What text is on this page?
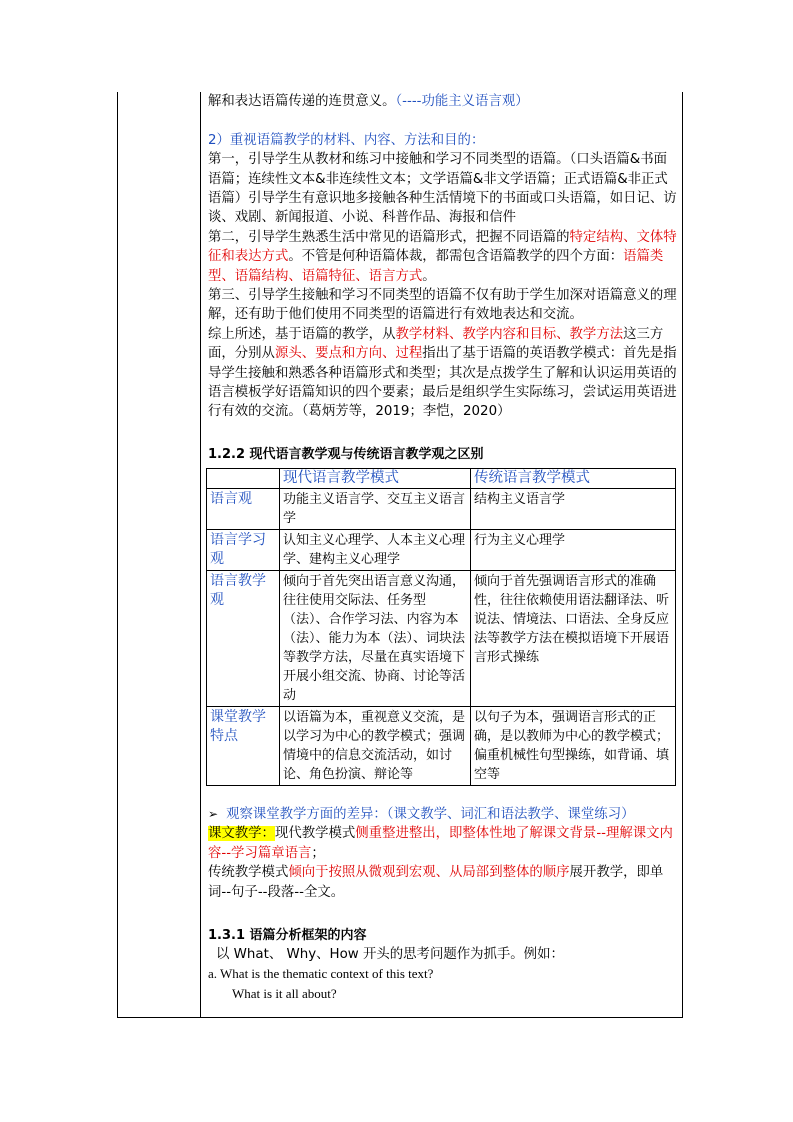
解和表达语篇传递的连贯意义。（----功能主义语言观）

2）重视语篇教学的材料、内容、方法和目的：

第一，引导学生从教材和练习中接触和学习不同类型的语篇。（口头语篇&书面语篇；连续性文本&非连续性文本；文学语篇&非文学语篇；正式语篇&非正式语篇）引导学生有意识地多接触各种生活情境下的书面或口头语篇，如日记、访谈、戏剧、新闻报道、小说、科普作品、海报和信件

第二，引导学生熟悉生活中常见的语篇形式，把握不同语篇的特定结构、文体特征和表达方式。不管是何种语篇体裁，都需包含语篇教学的四个方面：语篇类型、语篇结构、语篇特征、语言方式。

第三、引导学生接触和学习不同类型的语篇不仅有助于学生加深对语篇意义的理解，还有助于他们使用不同类型的语篇进行有效地表达和交流。

综上所述，基于语篇的教学，从教学材料、教学内容和目标、教学方法这三方面，分别从源头、要点和方向、过程指出了基于语篇的英语教学模式：首先是指导学生接触和熟悉各种语篇形式和类型；其次是点拨学生了解和认识运用英语的语言模板学好语篇知识的四个要素；最后是组织学生实际练习，尝试运用英语进行有效的交流。（葛炳芳等，2019；李恺，2020）

1.2.2 现代语言教学观与传统语言教学观之区别

	现代语言教学模式	传统语言教学模式
语言观	功能主义语言学、交互主义语言学	结构主义语言学
语言学习观	认知主义心理学、人本主义心理学、建构主义心理学	行为主义心理学
语言教学观	倾向于首先突出语言意义沟通，往往使用交际法、任务型（法）、合作学习法、内容为本（法）、能力为本（法）、词块法等教学方法，尽量在真实语境下开展小组交流、协商、讨论等活动	倾向于首先强调语言形式的准确性，往往依赖使用语法翻译法、听说法、情境法、口语法、全身反应法等教学方法在模拟语境下开展语言形式操练
课堂教学特点	以语篇为本，重视意义交流，是以学习为中心的教学模式；强调情境中的信息交流活动，如讨论、角色扮演、辩论等	以句子为本，强调语言形式的正确，是以教师为中心的教学模式；偏重机械性句型操练，如背诵、填空等

➢ 观察课堂教学方面的差异：（课文教学、词汇和语法教学、课堂练习）

课文教学：现代教学模式侧重整进整出，即整体性地了解课文背景--理解课文内容--学习篇章语言；

传统教学模式倾向于按照从微观到宏观、从局部到整体的顺序展开教学，即单词--句子--段落--全文。

1.3.1 语篇分析框架的内容

以 What、 Why、How 开头的思考问题作为抓手。例如：

a. What is the thematic context of this text?

What is it all about?
